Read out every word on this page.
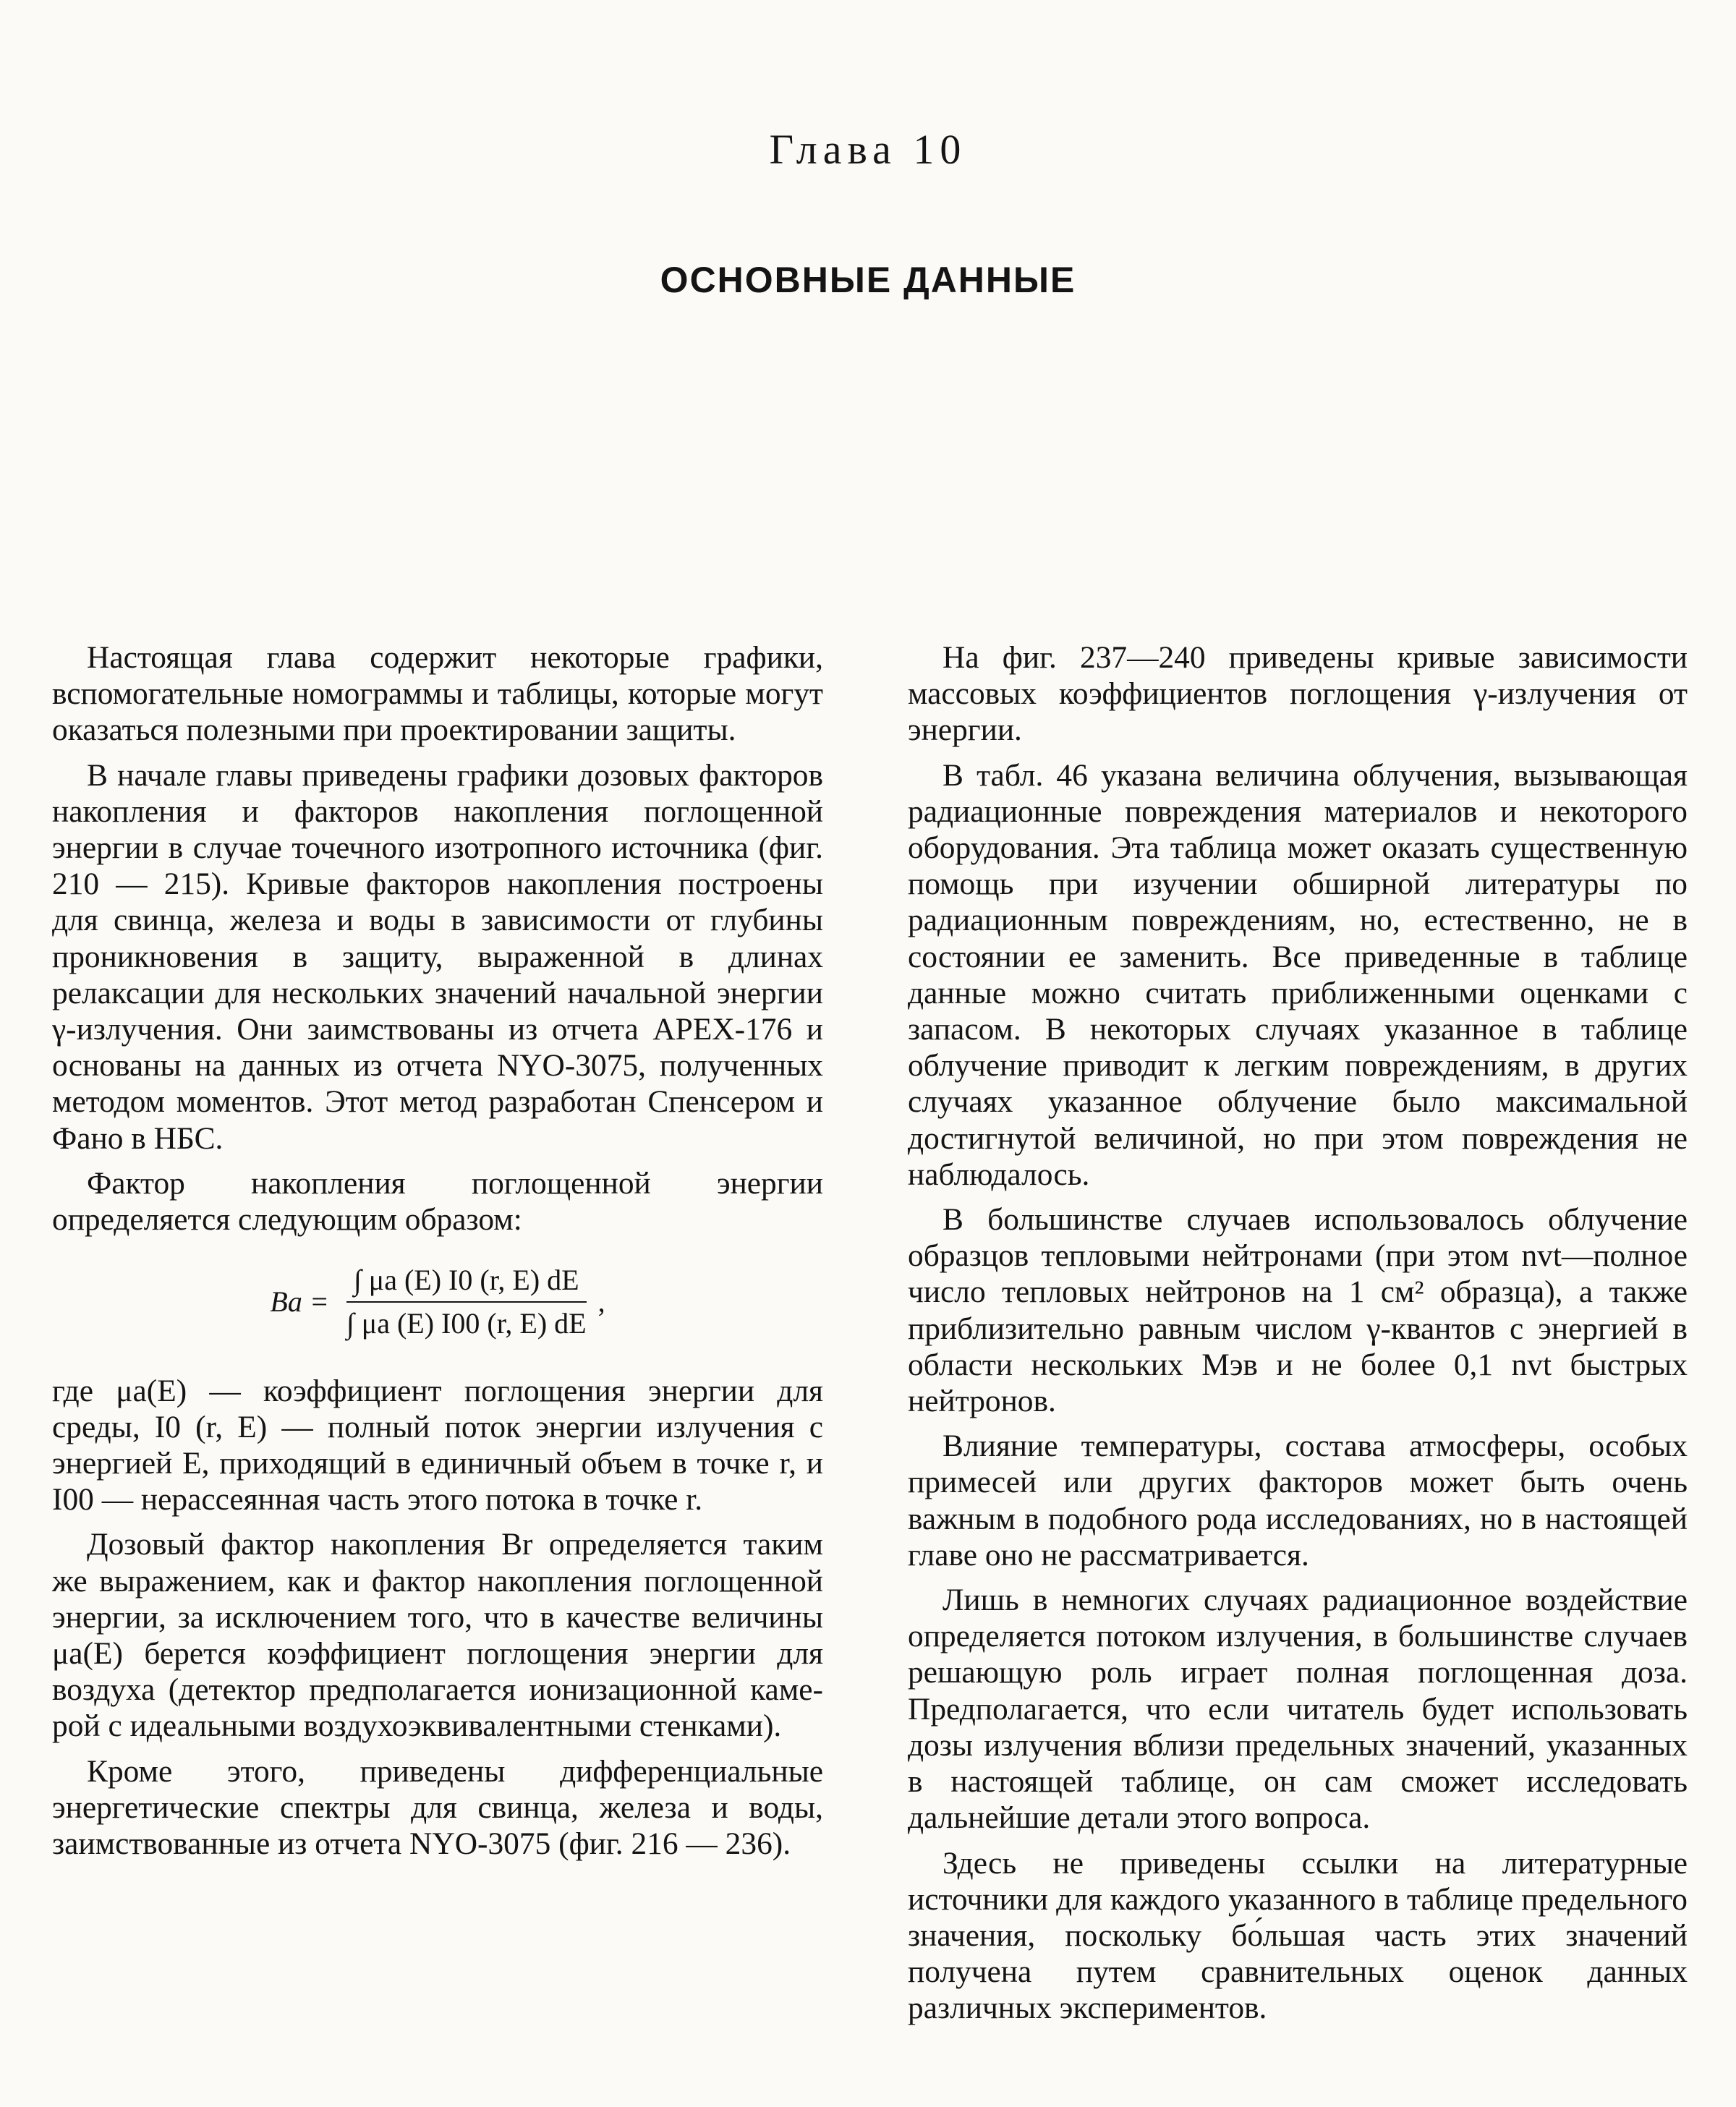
Глава 10
ОСНОВНЫЕ ДАННЫЕ

Настоящая глава содержит некоторые графики, вспомогательные номограммы и таблицы, которые могут оказаться полезными при проектировании защиты.

В начале главы приведены графики дозовых факторов накопления и факторов накопления поглощенной энергии в случае точечного изотропного источника (фиг. 210 — 215). Кривые факторов накопления построены для свинца, железа и воды в зависимости от глубины проникновения в защиту, выраженной в длинах релаксации для нескольких значений начальной энергии γ-излучения. Они заимствованы из отчета АРЕХ-176 и основаны на данных из отчета NYO-3075, полученных методом моментов. Этот метод разработан Спенсером и Фано в НБС.

Фактор накопления поглощенной энергии определяется следующим образом:

$Ba = \frac{\int \mu a (E) I0 (r, E) dE}{\int \mu a (E) I00 (r, E) dE}$ ,

где μa(E) — коэффициент поглощения энергии для среды, I0 (r, E) — полный поток энергии излучения с энергией E, приходящий в единичный объем в точке r, и I00 — нерассеянная часть этого потока в точке r.

Дозовый фактор накопления Br определяется таким же выражением, как и фактор накопления поглощенной энергии, за исключением того, что в качестве величины μa(E) берется коэффициент поглощения энергии для воздуха (детектор предполагается ионизационной камерой с идеальными воздухоэквивалентными стенками).

Кроме этого, приведены дифференциальные энергетические спектры для свинца, железа и воды, заимствованные из отчета NYO-3075 (фиг. 216 — 236).

На фиг. 237—240 приведены кривые зависимости массовых коэффициентов поглощения γ-излучения от энергии.

В табл. 46 указана величина облучения, вызывающая радиационные повреждения материалов и некоторого оборудования. Эта таблица может оказать существенную помощь при изучении обширной литературы по радиационным повреждениям, но, естественно, не в состоянии ее заменить. Все приведенные в таблице данные можно считать приближенными оценками с запасом. В некоторых случаях указанное в таблице облучение приводит к легким повреждениям, в других случаях указанное облучение было максимальной достигнутой величиной, но при этом повреждения не наблюдалось.

В большинстве случаев использовалось облучение образцов тепловыми нейтронами (при этом nvt—полное число тепловых нейтронов на 1 см² образца), а также приблизительно равным числом γ-квантов с энергией в области нескольких Мэв и не более 0,1 nvt быстрых нейтронов.

Влияние температуры, состава атмосферы, особых примесей или других факторов может быть очень важным в подобного рода исследованиях, но в настоящей главе оно не рассматривается.

Лишь в немногих случаях радиационное воздействие определяется потоком излучения, в большинстве случаев решающую роль играет полная поглощенная доза. Предполагается, что если читатель будет использовать дозы излучения вблизи предельных значений, указанных в настоящей таблице, он сам сможет исследовать дальнейшие детали этого вопроса.

Здесь не приведены ссылки на литературные источники для каждого указанного в таблице предельного значения, поскольку бо́льшая часть этих значений получена путем сравнительных оценок данных различных экспериментов.
